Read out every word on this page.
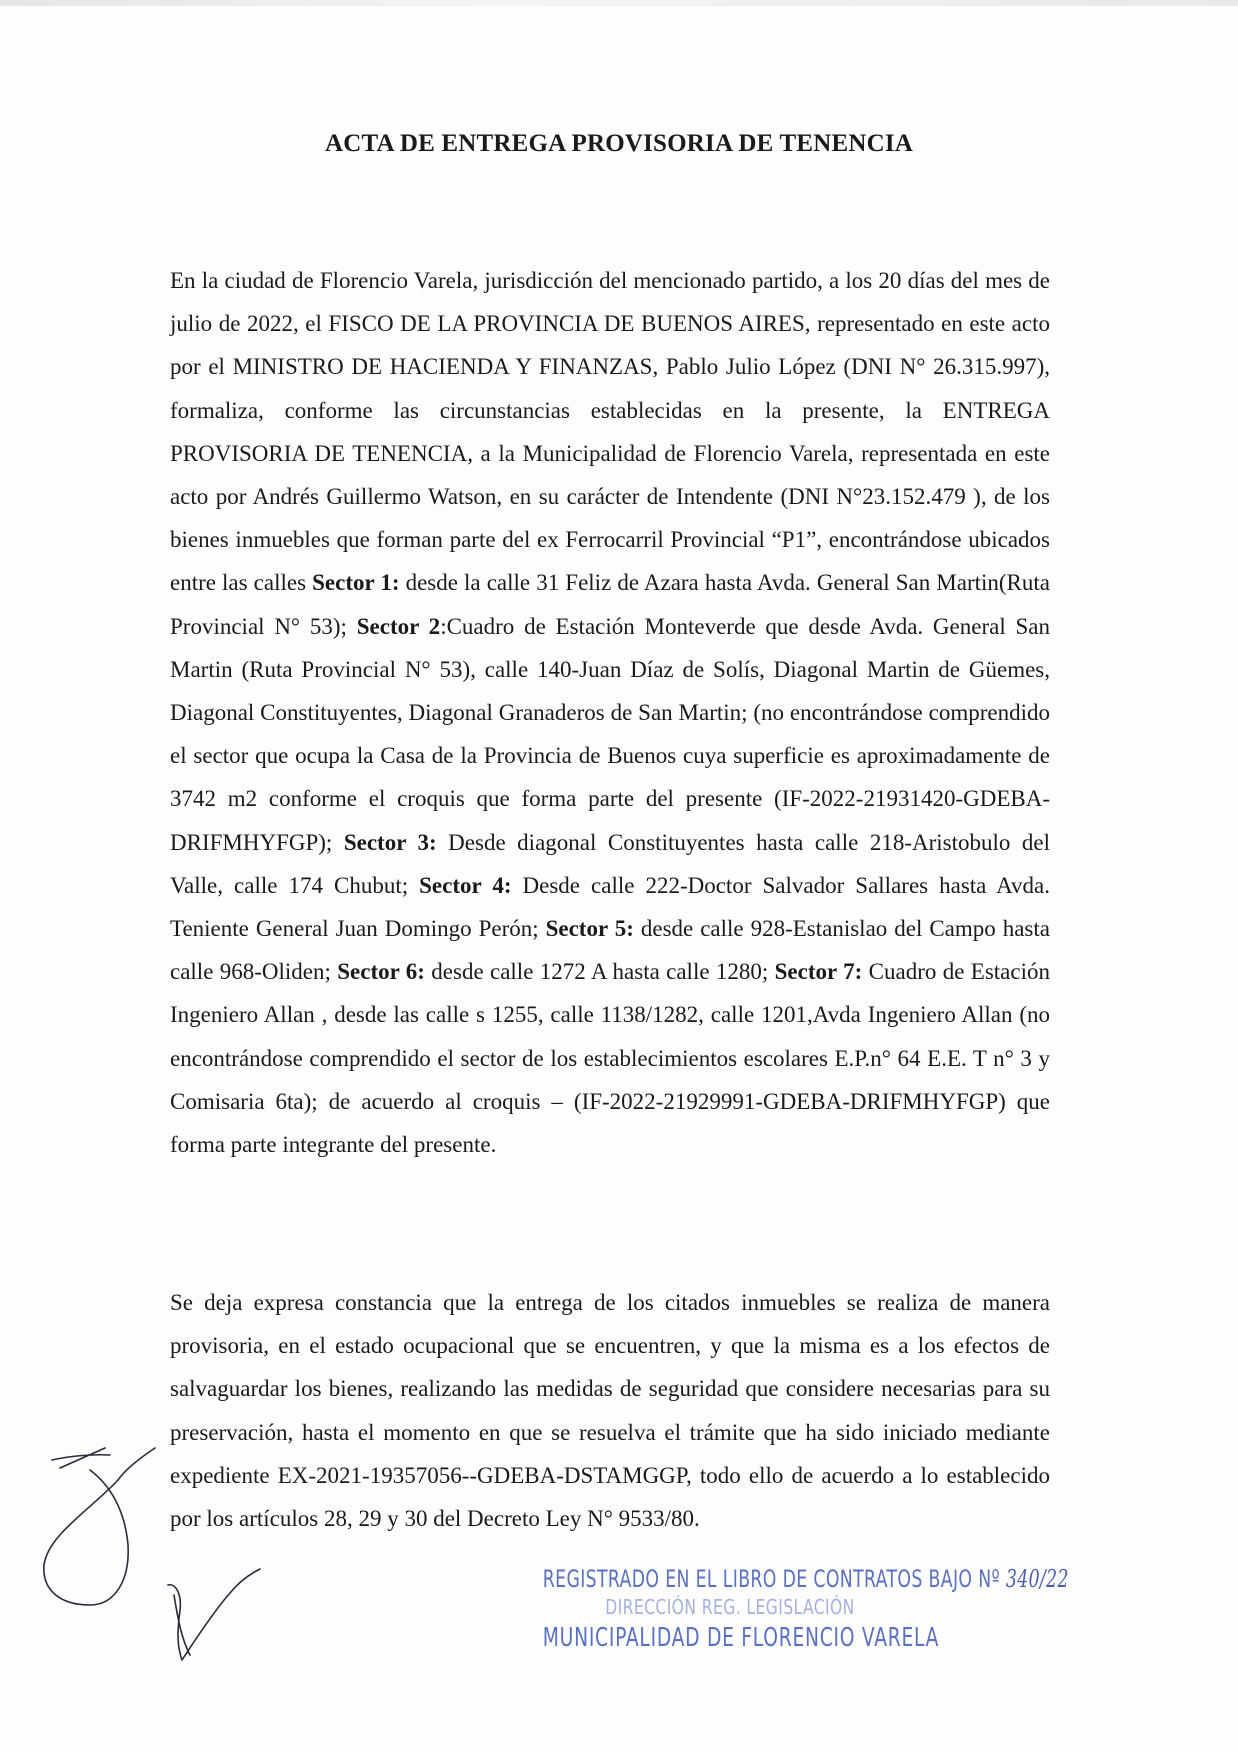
ACTA DE ENTREGA PROVISORIA DE TENENCIA

En la ciudad de Florencio Varela, jurisdicción del mencionado partido, a los 20 días del mes de julio de 2022, el FISCO DE LA PROVINCIA DE BUENOS AIRES, representado en este acto por el MINISTRO DE HACIENDA Y FINANZAS, Pablo Julio López (DNI N° 26.315.997), formaliza, conforme las circunstancias establecidas en la presente, la ENTREGA PROVISORIA DE TENENCIA, a la Municipalidad de Florencio Varela, representada en este acto por Andrés Guillermo Watson, en su carácter de Intendente (DNI N°23.152.479 ), de los bienes inmuebles que forman parte del ex Ferrocarril Provincial “P1”, encontrándose ubicados entre las calles Sector 1: desde la calle 31 Feliz de Azara hasta Avda. General San Martin(Ruta Provincial N° 53); Sector 2:Cuadro de Estación Monteverde que desde Avda. General San Martin (Ruta Provincial N° 53), calle 140-Juan Díaz de Solís, Diagonal Martin de Güemes, Diagonal Constituyentes, Diagonal Granaderos de San Martin; (no encontrándose comprendido el sector que ocupa la Casa de la Provincia de Buenos cuya superficie es aproximadamente de 3742 m2 conforme el croquis que forma parte del presente (IF-2022-21931420-GDEBA-DRIFMHYFGP); Sector 3: Desde diagonal Constituyentes hasta calle 218-Aristobulo del Valle, calle 174 Chubut; Sector 4: Desde calle 222-Doctor Salvador Sallares hasta Avda. Teniente General Juan Domingo Perón; Sector 5: desde calle 928-Estanislao del Campo hasta calle 968-Oliden; Sector 6: desde calle 1272 A hasta calle 1280; Sector 7: Cuadro de Estación Ingeniero Allan , desde las calle s 1255, calle 1138/1282, calle 1201,Avda Ingeniero Allan (no encontrándose comprendido el sector de los establecimientos escolares E.P.n° 64 E.E. T n° 3 y Comisaria 6ta); de acuerdo al croquis – (IF-2022-21929991-GDEBA-DRIFMHYFGP) que forma parte integrante del presente.

Se deja expresa constancia que la entrega de los citados inmuebles se realiza de manera provisoria, en el estado ocupacional que se encuentren, y que la misma es a los efectos de salvaguardar los bienes, realizando las medidas de seguridad que considere necesarias para su preservación, hasta el momento en que se resuelva el trámite que ha sido iniciado mediante expediente EX-2021-19357056--GDEBA-DSTAMGGP, todo ello de acuerdo a lo establecido por los artículos 28, 29 y 30 del Decreto Ley N° 9533/80.

REGISTRADO EN EL LIBRO DE CONTRATOS BAJO Nº 340/22
DIRECCIÓN REG. LEGISLACIÓN
MUNICIPALIDAD DE FLORENCIO VARELA
